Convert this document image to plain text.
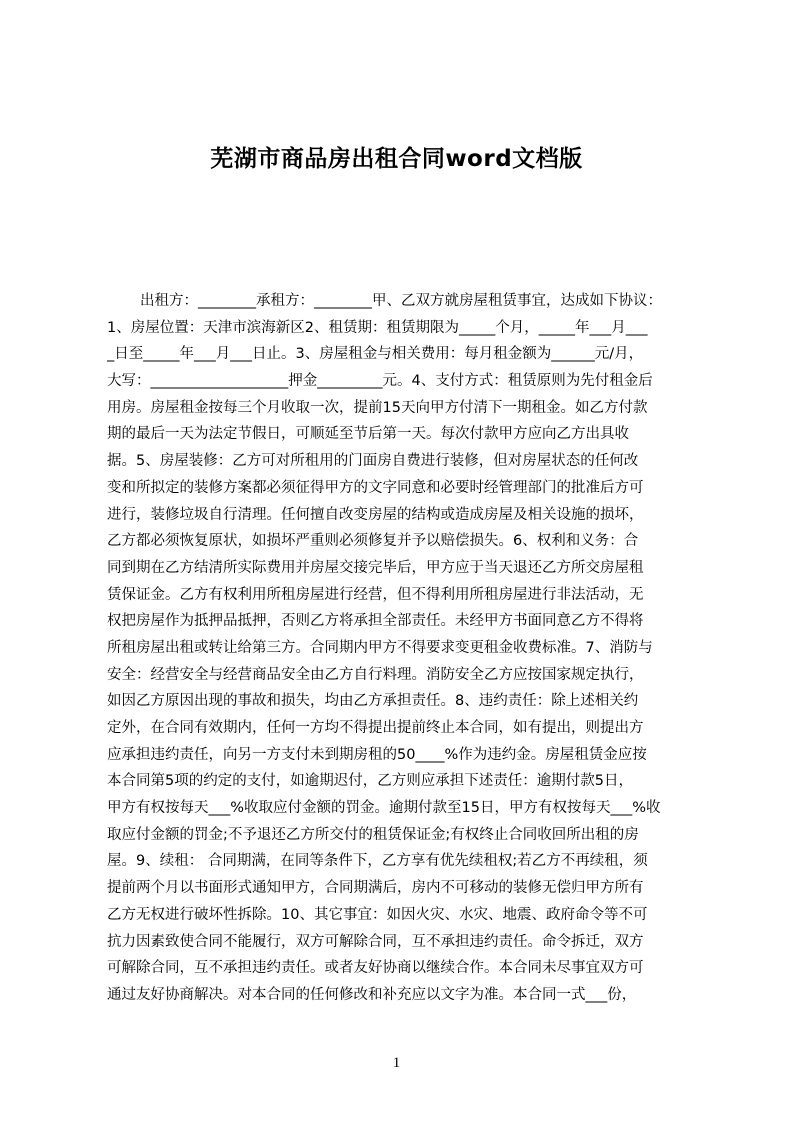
芜湖市商品房出租合同word文档版
出租方：________承租方：________甲、乙双方就房屋租赁事宜，达成如下协议：
1、房屋位置：天津市滨海新区2、租赁期：租赁期限为_____个月，_____年___月___
_日至_____年___月___日止。3、房屋租金与相关费用：每月租金额为______元/月，
大写：___________________押金_________元。4、支付方式：租赁原则为先付租金后
用房。房屋租金按每三个月收取一次，提前15天向甲方付清下一期租金。如乙方付款
期的最后一天为法定节假日，可顺延至节后第一天。每次付款甲方应向乙方出具收
据。5、房屋装修：乙方可对所租用的门面房自费进行装修，但对房屋状态的任何改
变和所拟定的装修方案都必须征得甲方的文字同意和必要时经管理部门的批准后方可
进行，装修垃圾自行清理。任何擅自改变房屋的结构或造成房屋及相关设施的损坏，
乙方都必须恢复原状，如损坏严重则必须修复并予以赔偿损失。6、权利和义务：合
同到期在乙方结清所实际费用并房屋交接完毕后，甲方应于当天退还乙方所交房屋租
赁保证金。乙方有权利用所租房屋进行经营，但不得利用所租房屋进行非法活动，无
权把房屋作为抵押品抵押，否则乙方将承担全部责任。未经甲方书面同意乙方不得将
所租房屋出租或转让给第三方。合同期内甲方不得要求变更租金收费标准。7、消防与
安全：经营安全与经营商品安全由乙方自行料理。消防安全乙方应按国家规定执行，
如因乙方原因出现的事故和损失，均由乙方承担责任。8、违约责任：除上述相关约
定外，在合同有效期内，任何一方均不得提出提前终止本合同，如有提出，则提出方
应承担违约责任，向另一方支付未到期房租的50____%作为违约金。房屋租赁金应按
本合同第5项的约定的支付，如逾期迟付，乙方则应承担下述责任：逾期付款5日，
甲方有权按每天___%收取应付金额的罚金。逾期付款至15日，甲方有权按每天___%收
取应付金额的罚金;不予退还乙方所交付的租赁保证金;有权终止合同收回所出租的房
屋。9、续租： 合同期满，在同等条件下，乙方享有优先续租权;若乙方不再续租，须
提前两个月以书面形式通知甲方，合同期满后，房内不可移动的装修无偿归甲方所有
乙方无权进行破坏性拆除。10、其它事宜：如因火灾、水灾、地震、政府命令等不可
抗力因素致使合同不能履行，双方可解除合同，互不承担违约责任。命令拆迁，双方
可解除合同，互不承担违约责任。或者友好协商以继续合作。本合同未尽事宜双方可
通过友好协商解决。对本合同的任何修改和补充应以文字为准。本合同一式___份，
1
